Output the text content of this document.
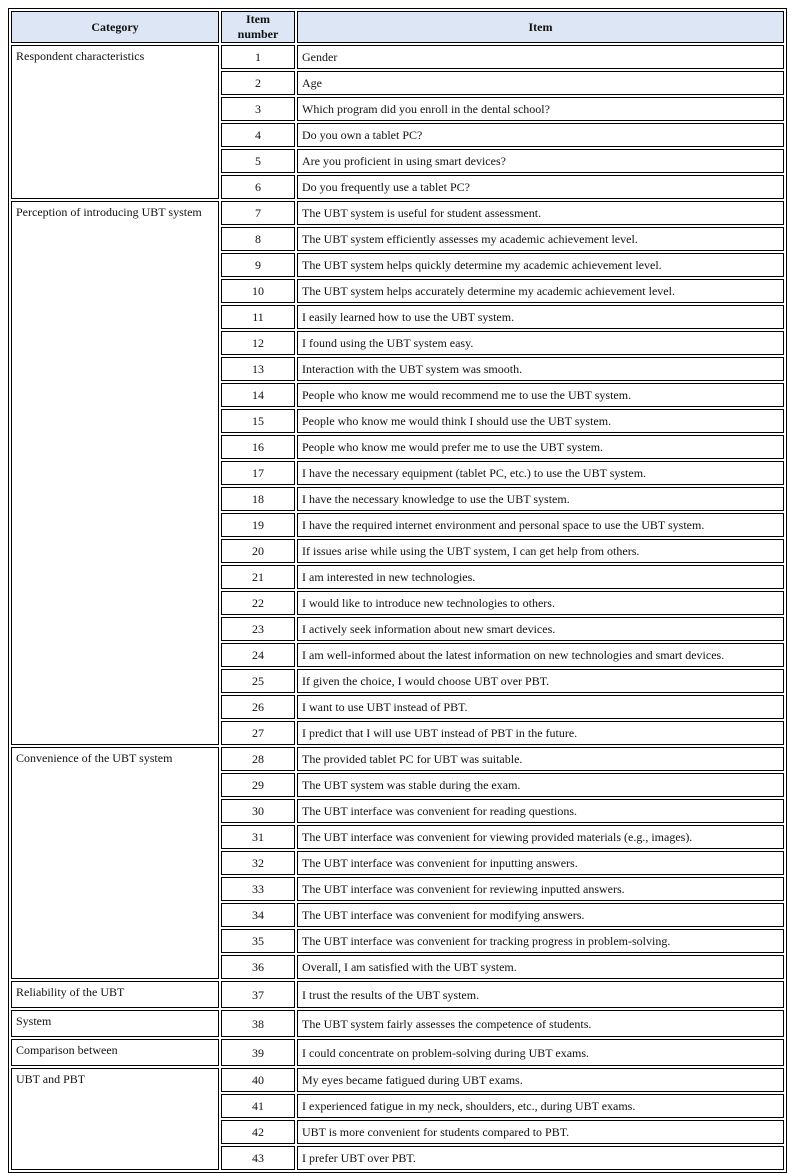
Category	Item number	Item
Respondent characteristics	1	Gender
	2	Age
	3	Which program did you enroll in the dental school?
	4	Do you own a tablet PC?
	5	Are you proficient in using smart devices?
	6	Do you frequently use a tablet PC?
Perception of introducing UBT system	7	The UBT system is useful for student assessment.
	8	The UBT system efficiently assesses my academic achievement level.
	9	The UBT system helps quickly determine my academic achievement level.
	10	The UBT system helps accurately determine my academic achievement level.
	11	I easily learned how to use the UBT system.
	12	I found using the UBT system easy.
	13	Interaction with the UBT system was smooth.
	14	People who know me would recommend me to use the UBT system.
	15	People who know me would think I should use the UBT system.
	16	People who know me would prefer me to use the UBT system.
	17	I have the necessary equipment (tablet PC, etc.) to use the UBT system.
	18	I have the necessary knowledge to use the UBT system.
	19	I have the required internet environment and personal space to use the UBT system.
	20	If issues arise while using the UBT system, I can get help from others.
	21	I am interested in new technologies.
	22	I would like to introduce new technologies to others.
	23	I actively seek information about new smart devices.
	24	I am well-informed about the latest information on new technologies and smart devices.
	25	If given the choice, I would choose UBT over PBT.
	26	I want to use UBT instead of PBT.
	27	I predict that I will use UBT instead of PBT in the future.
Convenience of the UBT system	28	The provided tablet PC for UBT was suitable.
	29	The UBT system was stable during the exam.
	30	The UBT interface was convenient for reading questions.
	31	The UBT interface was convenient for viewing provided materials (e.g., images).
	32	The UBT interface was convenient for inputting answers.
	33	The UBT interface was convenient for reviewing inputted answers.
	34	The UBT interface was convenient for modifying answers.
	35	The UBT interface was convenient for tracking progress in problem-solving.
	36	Overall, I am satisfied with the UBT system.
Reliability of the UBT	37	I trust the results of the UBT system.
System	38	The UBT system fairly assesses the competence of students.
Comparison between	39	I could concentrate on problem-solving during UBT exams.
UBT and PBT	40	My eyes became fatigued during UBT exams.
	41	I experienced fatigue in my neck, shoulders, etc., during UBT exams.
	42	UBT is more convenient for students compared to PBT.
	43	I prefer UBT over PBT.
